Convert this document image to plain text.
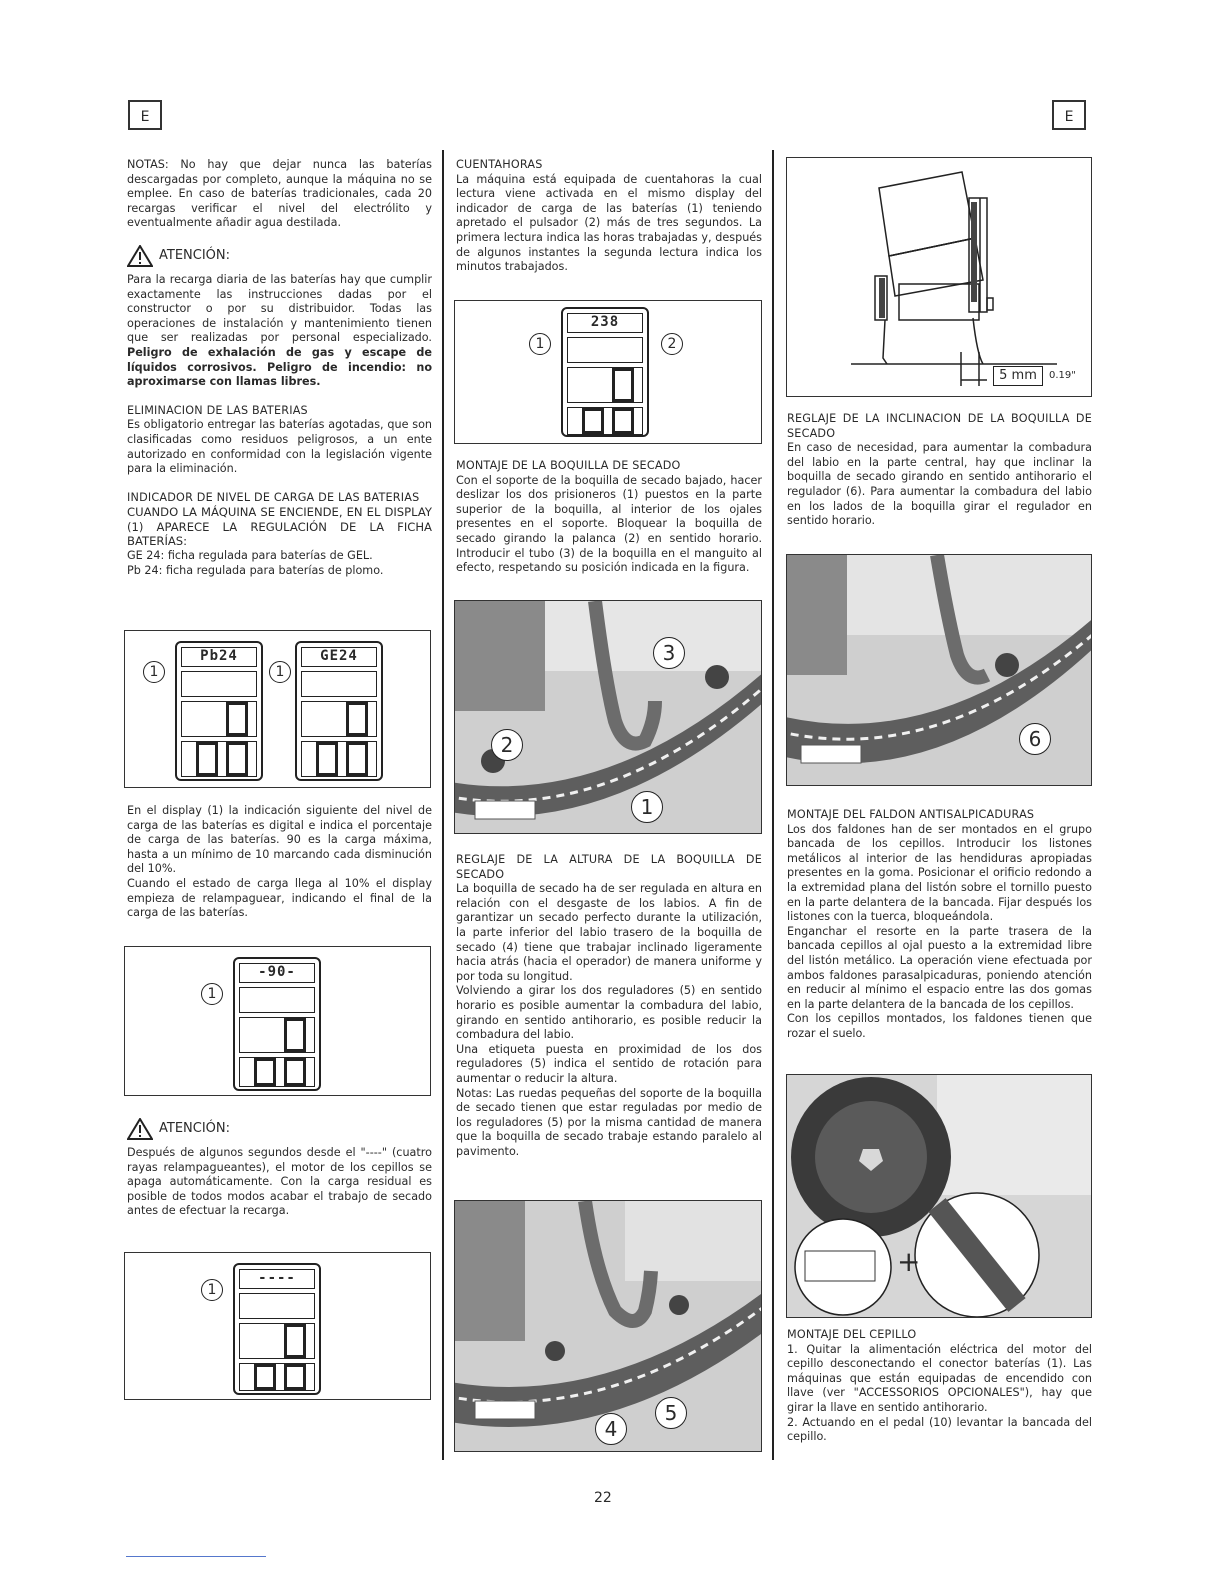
E	E

NOTAS: No hay que dejar nunca las baterías descargadas por completo, aunque la máquina no se emplee. En caso de baterías tradicionales, cada 20 recargas verificar el nivel del electrólito y eventualmente añadir agua destilada.

ATENCIÓN:

Para la recarga diaria de las baterías hay que cumplir exactamente las instrucciones dadas por el constructor o por su distribuidor. Todas las operaciones de instalación y mantenimiento tienen que ser realizadas por personal especializado. Peligro de exhalación de gas y escape de líquidos corrosivos. Peligro de incendio: no aproximarse con llamas libres.

ELIMINACION DE LAS BATERIAS

Es obligatorio entregar las baterías agotadas, que son clasificadas como residuos peligrosos, a un ente autorizado en conformidad con la legislación vigente para la eliminación.

INDICADOR DE NIVEL DE CARGA DE LAS BATERIAS

CUANDO LA MÁQUINA SE ENCIENDE, EN EL DISPLAY (1) APARECE LA REGULACIÓN DE LA FICHA BATERÍAS:

GE 24: ficha regulada para baterías de GEL.

Pb 24: ficha regulada para baterías de plomo.

Pb24
1
GE24
1

En el display (1) la indicación siguiente del nivel de carga de las baterías es digital e indica el porcentaje de carga de las baterías. 90 es la carga máxima, hasta a un mínimo de 10 marcando cada disminución del 10%.

Cuando el estado de carga llega al 10% el display empieza de relampaguear, indicando el final de la carga de las baterías.

-90-
1
ATENCIÓN:

Después de algunos segundos desde el "----" (cuatro rayas relampagueantes), el motor de los cepillos se apaga automáticamente. Con la carga residual es posible de todos modos acabar el trabajo de secado antes de efectuar la recarga.

----
1

CUENTAHORAS

La máquina está equipada de cuentahoras la cual lectura viene activada en el mismo display del indicador de carga de las baterías (1) teniendo apretado el pulsador (2) más de tres segundos. La primera lectura indica las horas trabajadas y, después de algunos instantes la segunda lectura indica los minutos trabajados.

238
1	2

MONTAJE DE LA BOQUILLA DE SECADO

Con el soporte de la boquilla de secado bajado, hacer deslizar los dos prisioneros (1) puestos en la parte superior de la boquilla, al interior de los ojales presentes en el soporte. Bloquear la boquilla de secado girando la palanca (2) en sentido horario. Introducir el tubo (3) de la boquilla en el manguito al efecto, respetando su posición indicada en la figura.

3
2
1

REGLAJE DE LA ALTURA DE LA BOQUILLA DE SECADO

La boquilla de secado ha de ser regulada en altura en relación con el desgaste de los labios. A fin de garantizar un secado perfecto durante la utilización, la parte inferior del labio trasero de la boquilla de secado (4) tiene que trabajar inclinado ligeramente hacia atrás (hacia el operador) de manera uniforme y por toda su longitud.

Volviendo a girar los dos reguladores (5) en sentido horario es posible aumentar la combadura del labio, girando en sentido antihorario, es posible reducir la combadura del labio.

Una etiqueta puesta en proximidad de los dos reguladores (5) indica el sentido de rotación para aumentar o reducir la altura.

Notas: Las ruedas pequeñas del soporte de la boquilla de secado tienen que estar reguladas por medio de los reguladores (5) por la misma cantidad de manera que la boquilla de secado trabaje estando paralelo al pavimento.

5
4
5 mm	0.19"

REGLAJE DE LA INCLINACION DE LA BOQUILLA DE SECADO

En caso de necesidad, para aumentar la combadura del labio en la parte central, hay que inclinar la boquilla de secado girando en sentido antihorario el regulador (6). Para aumentar la combadura del labio en los lados de la boquilla girar el regulador en sentido horario.

6

MONTAJE DEL FALDON ANTISALPICADURAS

Los dos faldones han de ser montados en el grupo bancada de los cepillos. Introducir los listones metálicos al interior de las hendiduras apropiadas presentes en la goma. Posicionar el orificio redondo a la extremidad plana del listón sobre el tornillo puesto en la parte delantera de la bancada. Fijar después los listones con la tuerca, bloqueándola.

Enganchar el resorte en la parte trasera de la bancada cepillos al ojal puesto a la extremidad libre del listón metálico. La operación viene efectuada por ambos faldones parasalpicaduras, poniendo atención en reducir al mínimo el espacio entre las dos gomas en la parte delantera de la bancada de los cepillos.

Con los cepillos montados, los faldones tienen que rozar el suelo.

+

MONTAJE DEL CEPILLO

1. Quitar la alimentación eléctrica del motor del cepillo desconectando el conector baterías (1). Las máquinas que están equipadas de encendido con llave (ver "ACCESSORIOS OPCIONALES"), hay que girar la llave en sentido antihorario.

2. Actuando en el pedal (10) levantar la bancada del cepillo.

22
